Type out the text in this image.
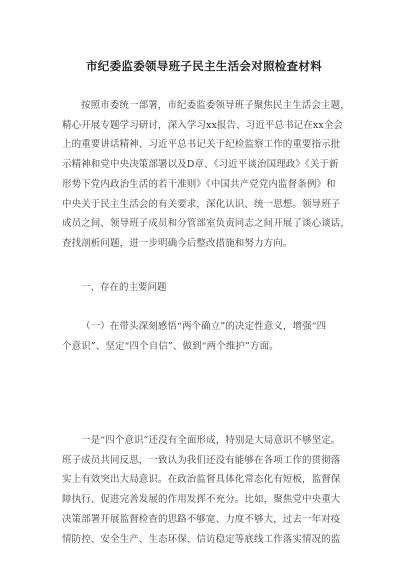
市纪委监委领导班子民主生活会对照检查材料

按照市委统一部署，市纪委监委领导班子聚焦民主生活会主题，
精心开展专题学习研讨，深入学习xx报告、习近平总书记在xx全会
上的重要讲话精神、习近平总书记关于纪检监察工作的重要指示批
示精神和党中央决策部署以及D章、《习近平谈治国理政》《关于新
形势下党内政治生活的若干准则》《中国共产党党内监督条例》和
中央关于民主生活会的有关要求，深化认识、统一思想。领导班子
成员之间、领导班子成员和分管部室负责同志之间开展了谈心谈话，
查找剖析问题，进一步明确今后整改措施和努力方向。

一、存在的主要问题

（一）在带头深刻感悟“两个确立”的决定性意义，增强“四
个意识”、坚定“四个自信”、做到“两个维护”方面。

一是“四个意识”还没有全面形成，特别是大局意识不够坚定。
班子成员共同反思，一致认为我们还没有能够在各项工作的贯彻落
实上有效突出大局意识。在政治监督具体化常态化有短板，监督保
障执行、促进完善发展的作用发挥不充分。比如，聚焦党中央重大
决策部署开展监督检查的思路不够宽、力度不够大，过去一年对疫
情防控、安全生产、生态环保、信访稳定等底线工作落实情况的监
